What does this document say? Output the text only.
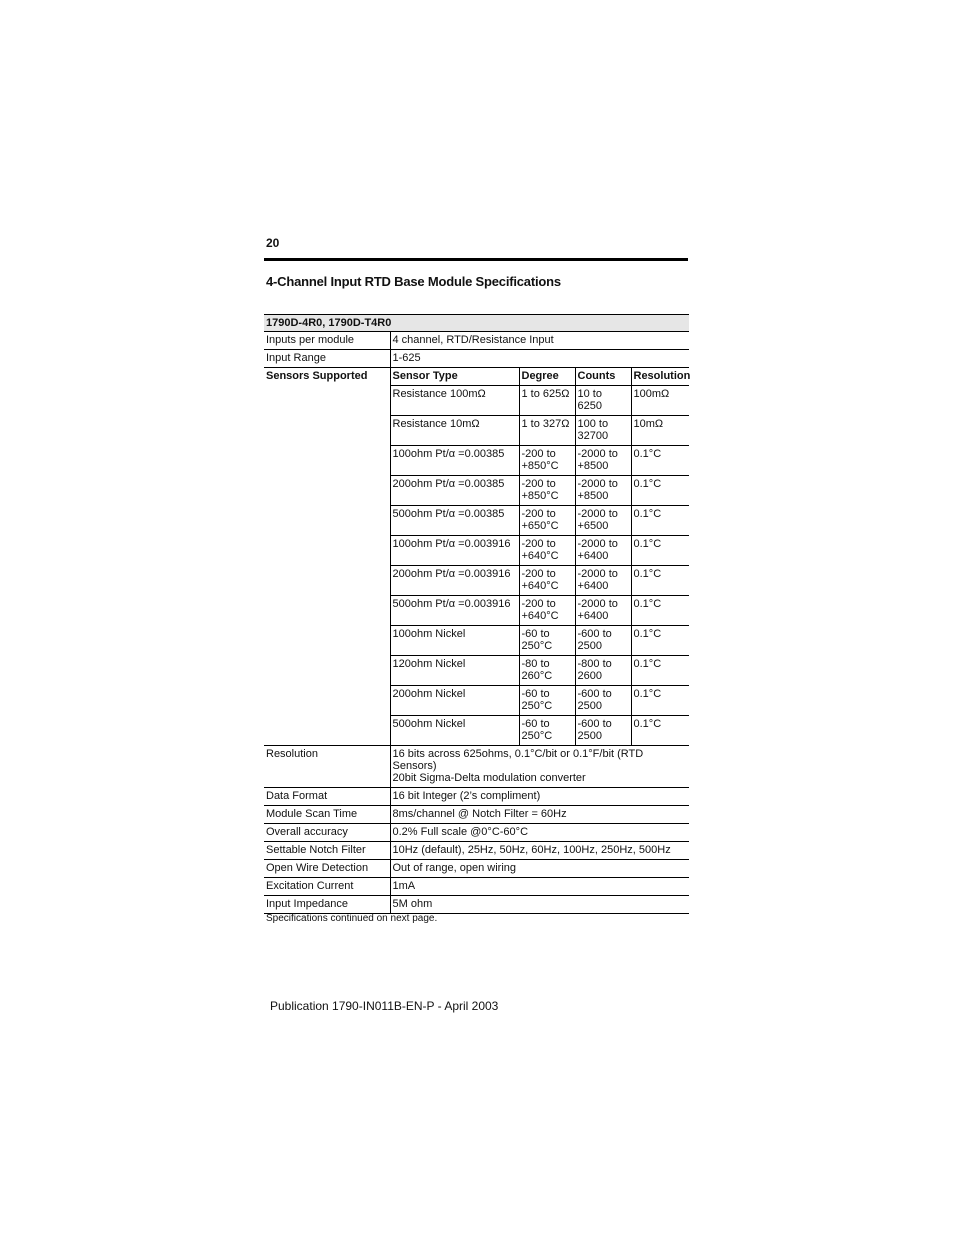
20
4-Channel Input RTD Base Module Specifications
1790D-4R0, 1790D-T4R0				
Inputs per module	4 channel, RTD/Resistance Input			
Input Range	1-625			
Sensors Supported	Sensor Type	Degree	Counts	Resolution
	Resistance 100mΩ	1 to 625Ω	10 to 6250	100mΩ
	Resistance 10mΩ	1 to 327Ω	100 to 32700	10mΩ
	100ohm Pt/α =0.00385	-200 to +850°C	-2000 to +8500	0.1°C
	200ohm Pt/α =0.00385	-200 to +850°C	-2000 to +8500	0.1°C
	500ohm Pt/α =0.00385	-200 to +650°C	-2000 to +6500	0.1°C
	100ohm Pt/α =0.003916	-200 to +640°C	-2000 to +6400	0.1°C
	200ohm Pt/α =0.003916	-200 to +640°C	-2000 to +6400	0.1°C
	500ohm Pt/α =0.003916	-200 to +640°C	-2000 to +6400	0.1°C
	100ohm Nickel	-60 to 250°C	-600 to 2500	0.1°C
	120ohm Nickel	-80 to 260°C	-800 to 2600	0.1°C
	200ohm Nickel	-60 to 250°C	-600 to 2500	0.1°C
	500ohm Nickel	-60 to 250°C	-600 to 2500	0.1°C
Resolution	16 bits across 625ohms, 0.1°C/bit or 0.1°F/bit (RTD Sensors)
20bit Sigma-Delta modulation converter			

Data Format	16 bit Integer (2’s compliment)			

Module Scan Time	8ms/channel @ Notch Filter = 60Hz			

Overall accuracy	0.2% Full scale @0°C-60°C			

Settable Notch Filter	10Hz (default), 25Hz, 50Hz, 60Hz, 100Hz, 250Hz, 500Hz			

Open Wire Detection	Out of range, open wiring			

Excitation Current	1mA			

Input Impedance	5M ohm			
Specifications continued on next page.
Publication 1790-IN011B-EN-P - April 2003
